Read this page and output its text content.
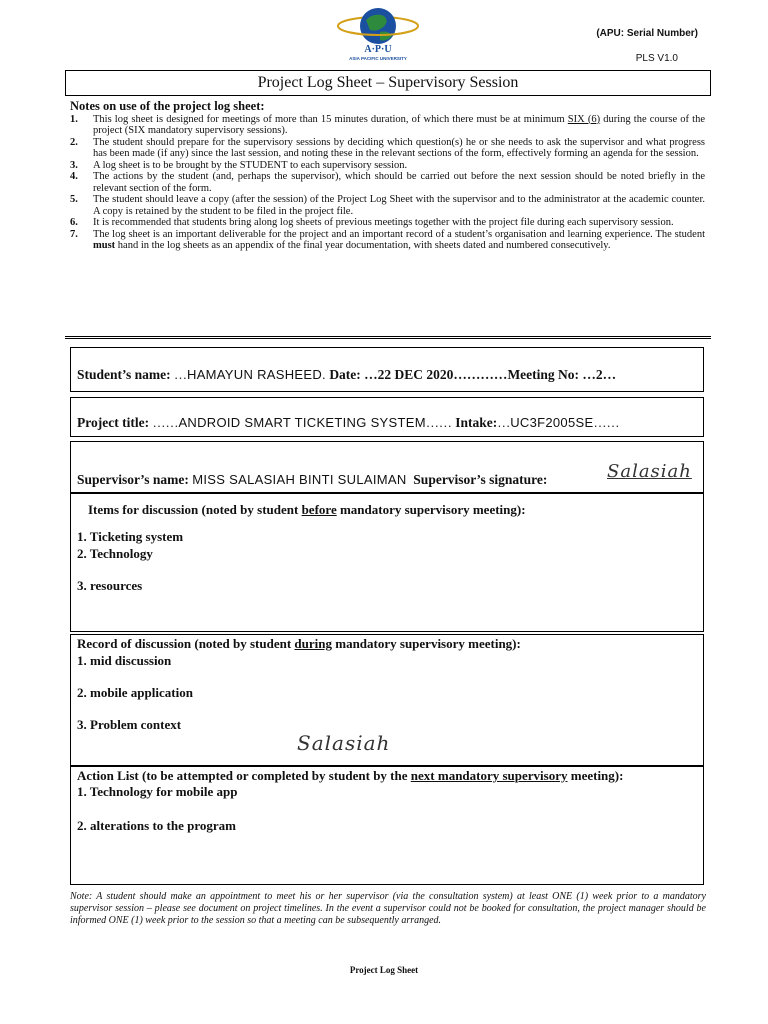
A·P·U
ASIA PACIFIC UNIVERSITY
(APU: Serial Number)
PLS V1.0
Project Log Sheet – Supervisory Session
Notes on use of the project log sheet:
1.	This log sheet is designed for meetings of more than 15 minutes duration, of which there must be at minimum SIX (6) during the course of the project (SIX mandatory supervisory sessions).
2.	The student should prepare for the supervisory sessions by deciding which question(s) he or she needs to ask the supervisor and what progress has been made (if any) since the last session, and noting these in the relevant sections of the form, effectively forming an agenda for the session.
3.	A log sheet is to be brought by the STUDENT to each supervisory session.
4.	The actions by the student (and, perhaps the supervisor), which should be carried out before the next session should be noted briefly in the relevant section of the form.
5.	The student should leave a copy (after the session) of the Project Log Sheet with the supervisor and to the administrator at the academic counter. A copy is retained by the student to be filed in the project file.
6.	It is recommended that students bring along log sheets of previous meetings together with the project file during each supervisory session.
7.	The log sheet is an important deliverable for the project and an important record of a student’s organisation and learning experience. The student must hand in the log sheets as an appendix of the final year documentation, with sheets dated and numbered consecutively.
Student’s name: …HAMAYUN RASHEED. Date: …22 DEC 2020…………Meeting No: …2…
Project title: ……ANDROID SMART TICKETING SYSTEM…… Intake:…UC3F2005SE……
Supervisor’s name: MISS SALASIAH BINTI SULAIMAN Supervisor’s signature:	Salasiah
Items for discussion (noted by student before mandatory supervisory meeting):
1. Ticketing system
2. Technology
3. resources
Record of discussion (noted by student during mandatory supervisory meeting):
1. mid discussion
2. mobile application
3. Problem context
Salasiah
Action List (to be attempted or completed by student by the next mandatory supervisory meeting):
1. Technology for mobile app
2. alterations to the program
Note: A student should make an appointment to meet his or her supervisor (via the consultation system) at least ONE (1) week prior to a mandatory supervisor session – please see document on project timelines. In the event a supervisor could not be booked for consultation, the project manager should be informed ONE (1) week prior to the session so that a meeting can be subsequently arranged.
Project Log Sheet
